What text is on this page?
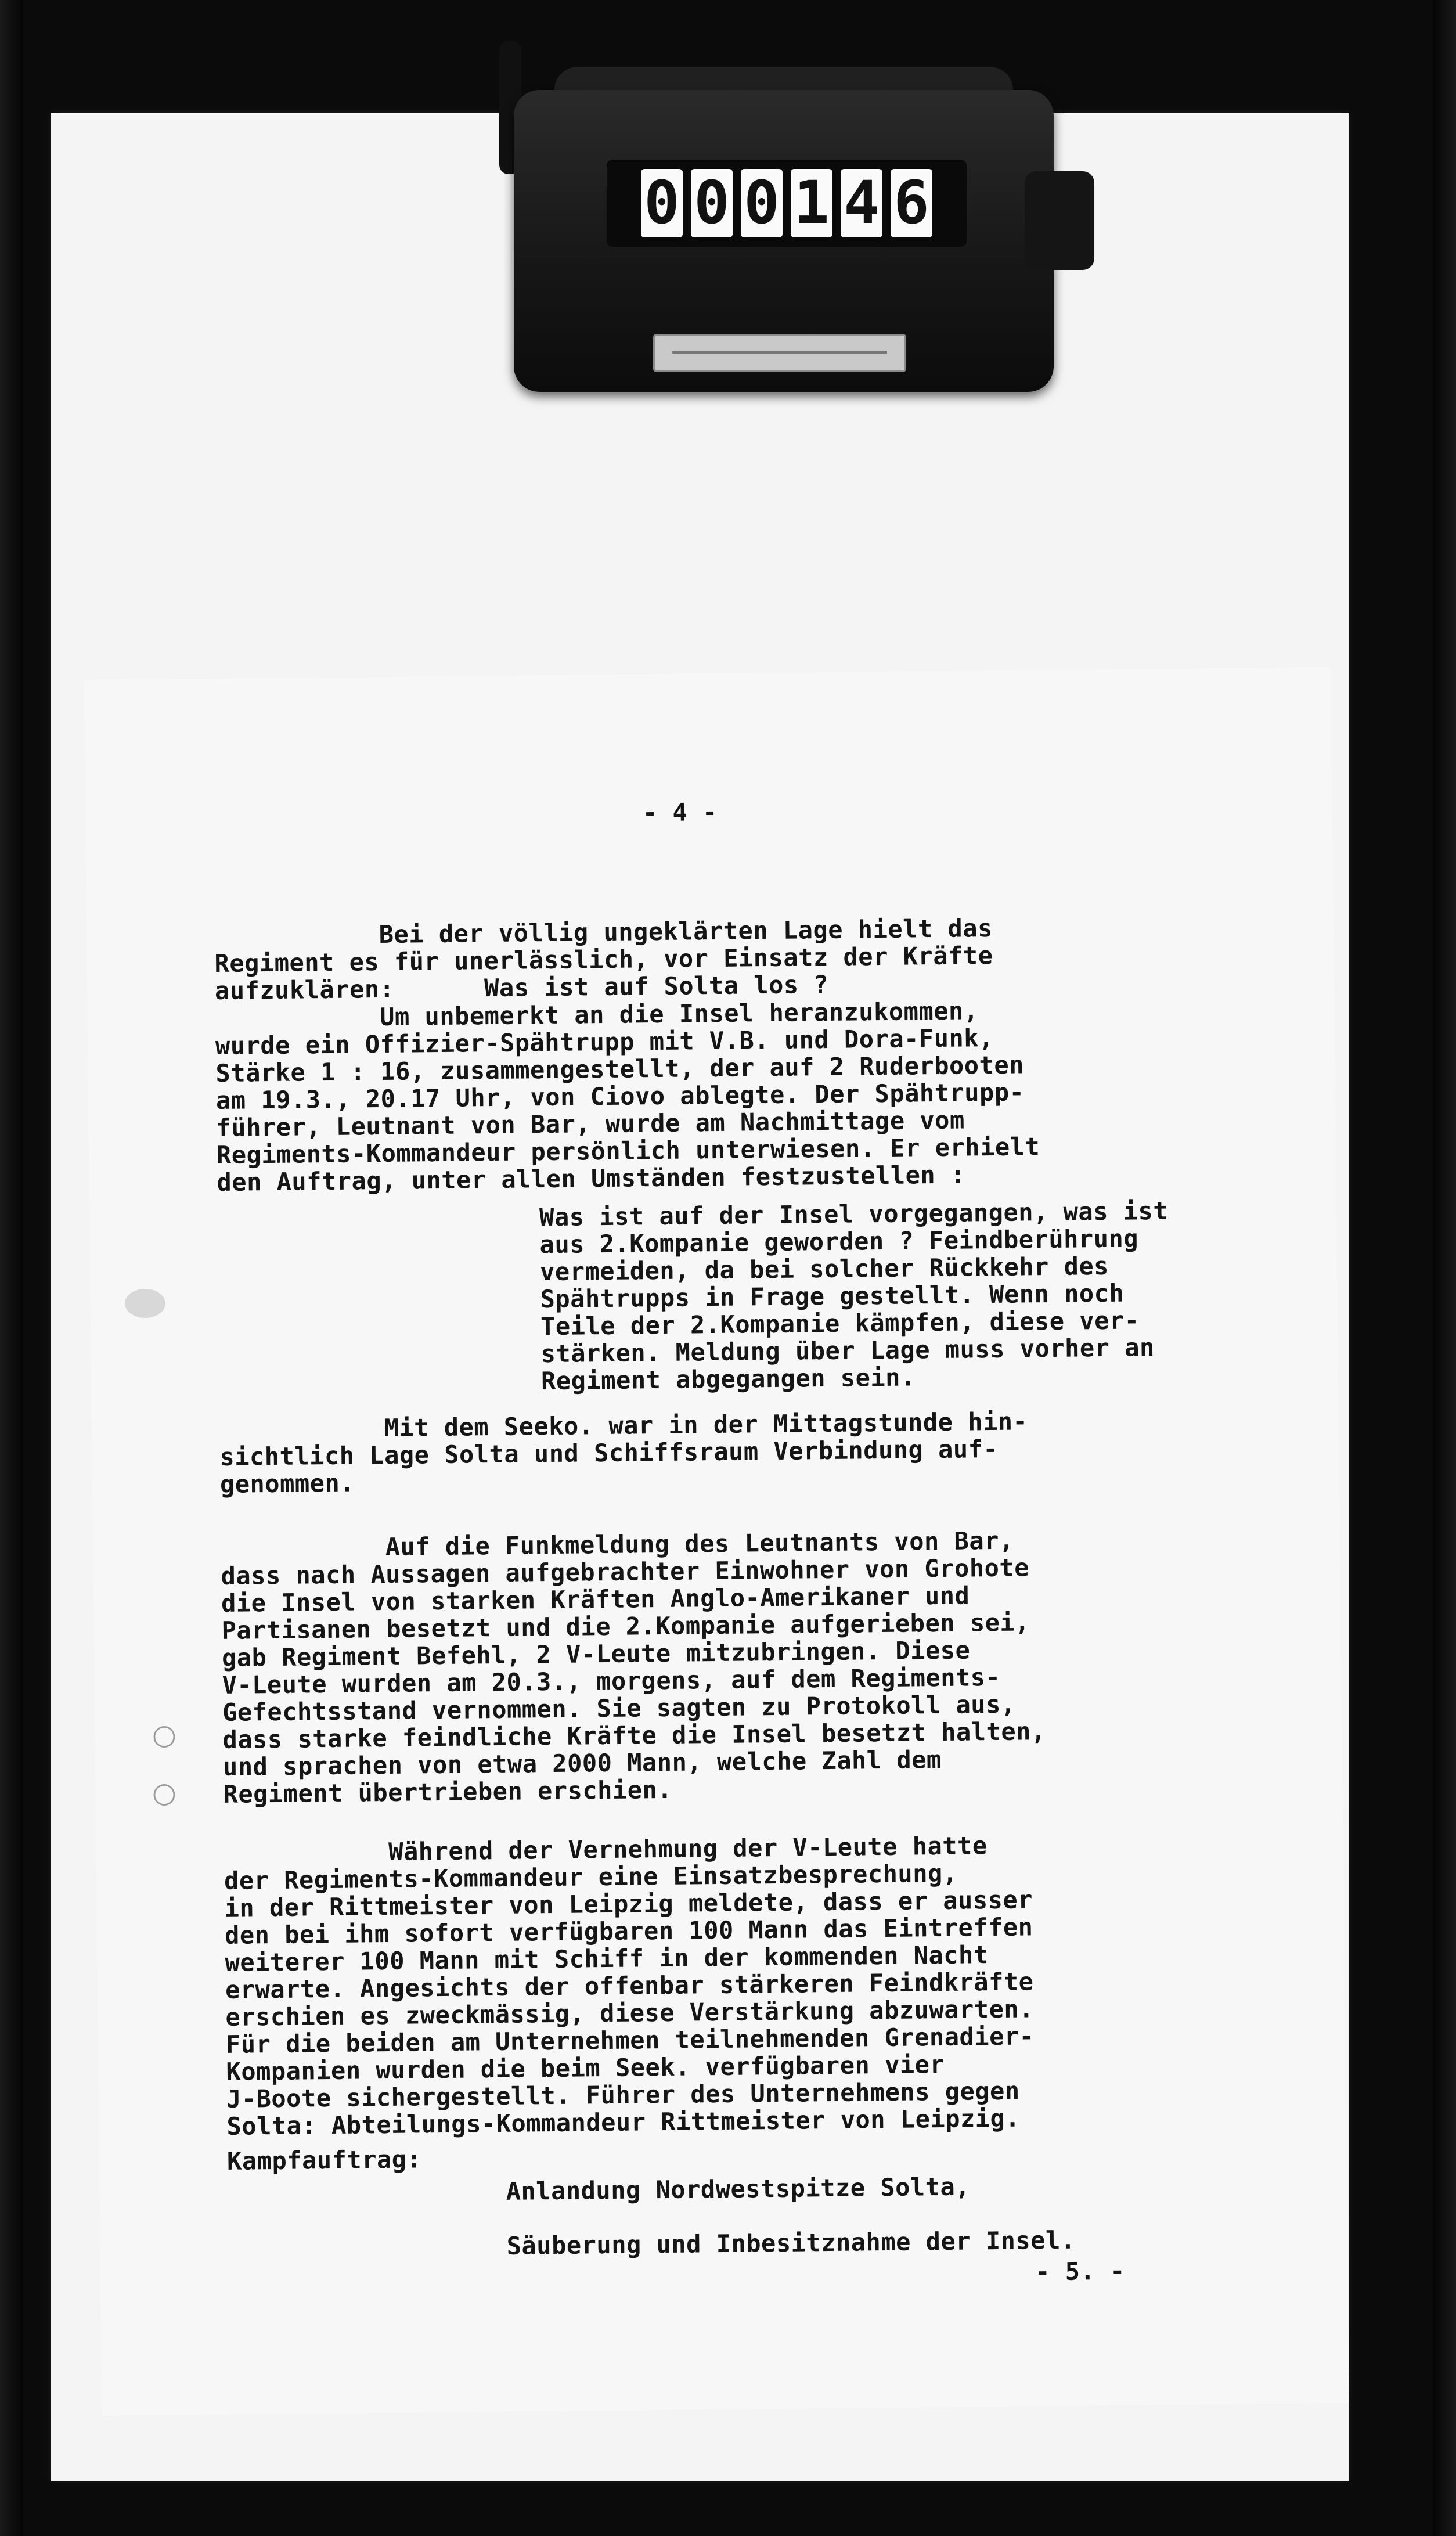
0 0 0 1 4 6
- 4 -
Bei der völlig ungeklärten Lage hielt das
Regiment es für unerlässlich, vor Einsatz der Kräfte
aufzuklären:      Was ist auf Solta los ?
Um unbemerkt an die Insel heranzukommen,
wurde ein Offizier-Spähtrupp mit V.B. und Dora-Funk,
Stärke 1 : 16, zusammengestellt, der auf 2 Ruderbooten
am 19.3., 20.17 Uhr, von Ciovo ablegte. Der Spähtrupp-
führer, Leutnant von Bar, wurde am Nachmittage vom
Regiments-Kommandeur persönlich unterwiesen. Er erhielt
den Auftrag, unter allen Umständen festzustellen :
Was ist auf der Insel vorgegangen, was ist
aus 2.Kompanie geworden ? Feindberührung
vermeiden, da bei solcher Rückkehr des
Spähtrupps in Frage gestellt. Wenn noch
Teile der 2.Kompanie kämpfen, diese ver-
stärken. Meldung über Lage muss vorher an
Regiment abgegangen sein.
Mit dem Seeko. war in der Mittagstunde hin-
sichtlich Lage Solta und Schiffsraum Verbindung auf-
genommen.
Auf die Funkmeldung des Leutnants von Bar,
dass nach Aussagen aufgebrachter Einwohner von Grohote
die Insel von starken Kräften Anglo-Amerikaner und
Partisanen besetzt und die 2.Kompanie aufgerieben sei,
gab Regiment Befehl, 2 V-Leute mitzubringen. Diese
V-Leute wurden am 20.3., morgens, auf dem Regiments-
Gefechtsstand vernommen. Sie sagten zu Protokoll aus,
dass starke feindliche Kräfte die Insel besetzt halten,
und sprachen von etwa 2000 Mann, welche Zahl dem
Regiment übertrieben erschien.
Während der Vernehmung der V-Leute hatte
der Regiments-Kommandeur eine Einsatzbesprechung,
in der Rittmeister von Leipzig meldete, dass er ausser
den bei ihm sofort verfügbaren 100 Mann das Eintreffen
weiterer 100 Mann mit Schiff in der kommenden Nacht
erwarte. Angesichts der offenbar stärkeren Feindkräfte
erschien es zweckmässig, diese Verstärkung abzuwarten.
Für die beiden am Unternehmen teilnehmenden Grenadier-
Kompanien wurden die beim Seek. verfügbaren vier
J-Boote sichergestellt. Führer des Unternehmens gegen
Solta: Abteilungs-Kommandeur Rittmeister von Leipzig.
Kampfauftrag:
Anlandung Nordwestspitze Solta,

Säuberung und Inbesitznahme der Insel.
- 5. -
○
○
